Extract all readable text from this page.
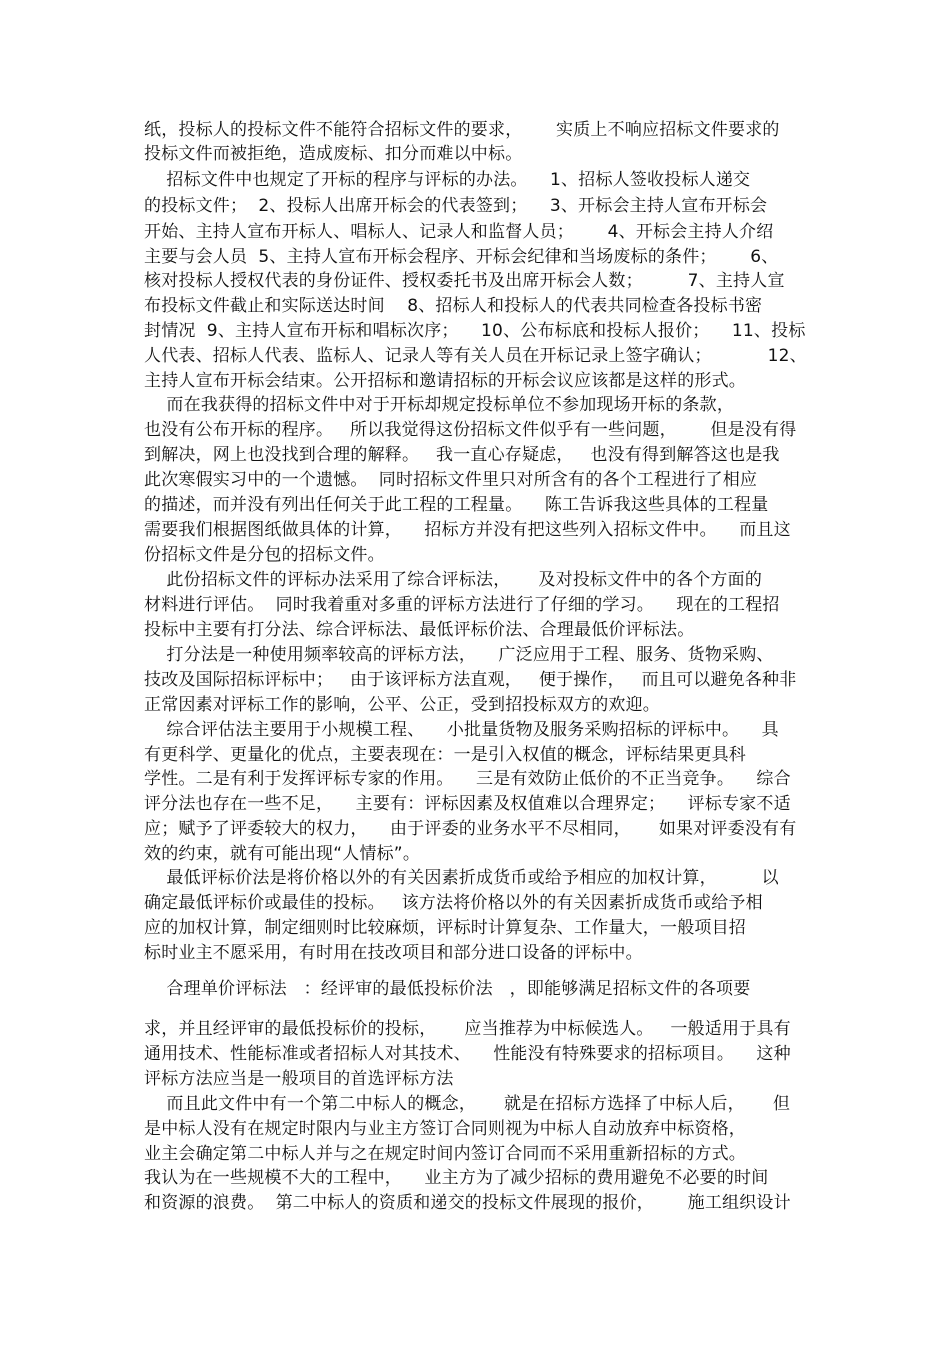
纸，投标人的投标文件不能符合招标文件的要求，      实质上不响应招标文件要求的
投标文件而被拒绝，造成废标、扣分而难以中标。
招标文件中也规定了开标的程序与评标的办法。    1、招标人签收投标人递交
的投标文件；  2、投标人出席开标会的代表签到；    3、开标会主持人宣布开标会
开始、主持人宣布开标人、唱标人、记录人和监督人员；      4、开标会主持人介绍
主要与会人员  5、主持人宣布开标会程序、开标会纪律和当场废标的条件；      6、
核对投标人授权代表的身份证件、授权委托书及出席开标会人数；        7、主持人宣
布投标文件截止和实际送达时间    8、招标人和投标人的代表共同检查各投标书密
封情况  9、主持人宣布开标和唱标次序；    10、公布标底和投标人报价；    11、投标
人代表、招标人代表、监标人、记录人等有关人员在开标记录上签字确认；          12、
主持人宣布开标会结束。公开招标和邀请招标的开标会议应该都是这样的形式。
而在我获得的招标文件中对于开标却规定投标单位不参加现场开标的条款，
也没有公布开标的程序。   所以我觉得这份招标文件似乎有一些问题，      但是没有得
到解决，网上也没找到合理的解释。   我一直心存疑虑，   也没有得到解答这也是我
此次寒假实习中的一个遗憾。  同时招标文件里只对所含有的各个工程进行了相应
的描述，而并没有列出任何关于此工程的工程量。    陈工告诉我这些具体的工程量
需要我们根据图纸做具体的计算，    招标方并没有把这些列入招标文件中。    而且这
份招标文件是分包的招标文件。
此份招标文件的评标办法采用了综合评标法，     及对投标文件中的各个方面的
材料进行评估。  同时我着重对多重的评标方法进行了仔细的学习。    现在的工程招
投标中主要有打分法、综合评标法、最低评标价法、合理最低价评标法。
打分法是一种使用频率较高的评标方法，    广泛应用于工程、服务、货物采购、
技改及国际招标评标中；   由于该评标方法直观，   便于操作，   而且可以避免各种非
正常因素对评标工作的影响，公平、公正，受到招投标双方的欢迎。
综合评估法主要用于小规模工程、    小批量货物及服务采购招标的评标中。    具
有更科学、更量化的优点，主要表现在：一是引入权值的概念，评标结果更具科
学性。二是有利于发挥评标专家的作用。    三是有效防止低价的不正当竞争。    综合
评分法也存在一些不足，    主要有：评标因素及权值难以合理界定；    评标专家不适
应；赋予了评委较大的权力，    由于评委的业务水平不尽相同，     如果对评委没有有
效的约束，就有可能出现“人情标”。
最低评标价法是将价格以外的有关因素折成货币或给予相应的加权计算，        以
确定最低评标价或最佳的投标。   该方法将价格以外的有关因素折成货币或给予相
应的加权计算，制定细则时比较麻烦，评标时计算复杂、工作量大，一般项目招
标时业主不愿采用，有时用在技改项目和部分进口设备的评标中。
合理单价评标法   ：经评审的最低投标价法   ，即能够满足招标文件的各项要
求，并且经评审的最低投标价的投标，     应当推荐为中标候选人。   一般适用于具有
通用技术、性能标准或者招标人对其技术、    性能没有特殊要求的招标项目。    这种
评标方法应当是一般项目的首选评标方法
而且此文件中有一个第二中标人的概念，     就是在招标方选择了中标人后，     但
是中标人没有在规定时限内与业主方签订合同则视为中标人自动放弃中标资格，
业主会确定第二中标人并与之在规定时间内签订合同而不采用重新招标的方式。
我认为在一些规模不大的工程中，    业主方为了减少招标的费用避免不必要的时间
和资源的浪费。  第二中标人的资质和递交的投标文件展现的报价，      施工组织设计
